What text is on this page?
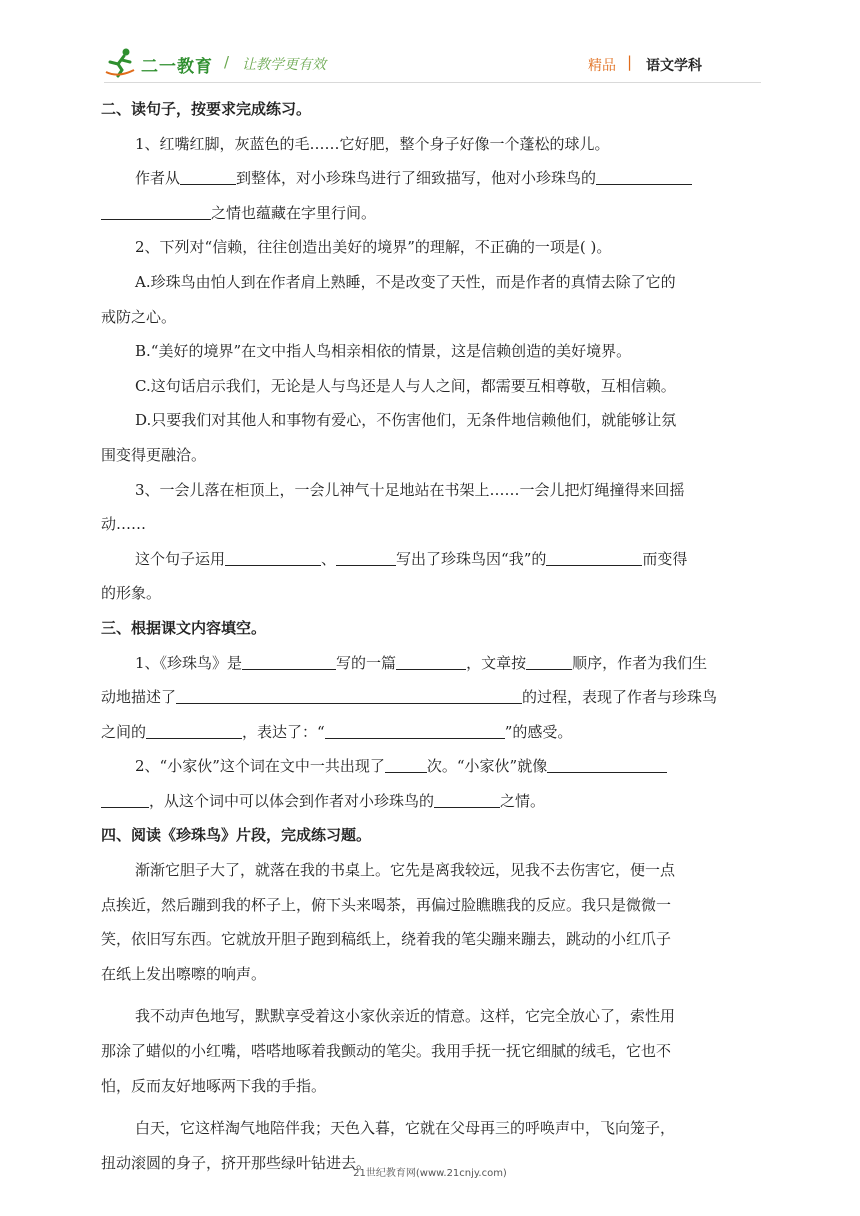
二一教育 / 让教学更有效	精品 | 语文学科
二、读句子，按要求完成练习。
1、红嘴红脚，灰蓝色的毛……它好肥，整个身子好像一个蓬松的球儿。
作者从	到整体，对小珍珠鸟进行了细致描写，他对小珍珠鸟的
之情也蕴藏在字里行间。
2、下列对“信赖，往往创造出美好的境界”的理解，不正确的一项是( )。
A.珍珠鸟由怕人到在作者肩上熟睡，不是改变了天性，而是作者的真情去除了它的
戒防之心。
B.“美好的境界”在文中指人鸟相亲相依的情景，这是信赖创造的美好境界。
C.这句话启示我们，无论是人与鸟还是人与人之间，都需要互相尊敬，互相信赖。
D.只要我们对其他人和事物有爱心，不伤害他们，无条件地信赖他们，就能够让氛
围变得更融洽。
3、一会儿落在柜顶上，一会儿神气十足地站在书架上……一会儿把灯绳撞得来回摇
动……
这个句子运用	、	写出了珍珠鸟因“我”的	而变得
的形象。
三、根据课文内容填空。
1、《珍珠鸟》是	写的一篇	，文章按	顺序，作者为我们生
动地描述了	的过程，表现了作者与珍珠鸟
之间的	，表达了：“	”的感受。
2、“小家伙”这个词在文中一共出现了	次。“小家伙”就像
，从这个词中可以体会到作者对小珍珠鸟的	之情。
四、阅读《珍珠鸟》片段，完成练习题。
渐渐它胆子大了，就落在我的书桌上。它先是离我较远，见我不去伤害它，便一点
点挨近，然后蹦到我的杯子上，俯下头来喝茶，再偏过脸瞧瞧我的反应。我只是微微一
笑，依旧写东西。它就放开胆子跑到稿纸上，绕着我的笔尖蹦来蹦去，跳动的小红爪子
在纸上发出嚓嚓的响声。
我不动声色地写，默默享受着这小家伙亲近的情意。这样，它完全放心了，索性用
那涂了蜡似的小红嘴，嗒嗒地啄着我颤动的笔尖。我用手抚一抚它细腻的绒毛，它也不
怕，反而友好地啄两下我的手指。
白天，它这样淘气地陪伴我；天色入暮，它就在父母再三的呼唤声中，飞向笼子，
扭动滚圆的身子，挤开那些绿叶钻进去。
21世纪教育网(www.21cnjy.com)
